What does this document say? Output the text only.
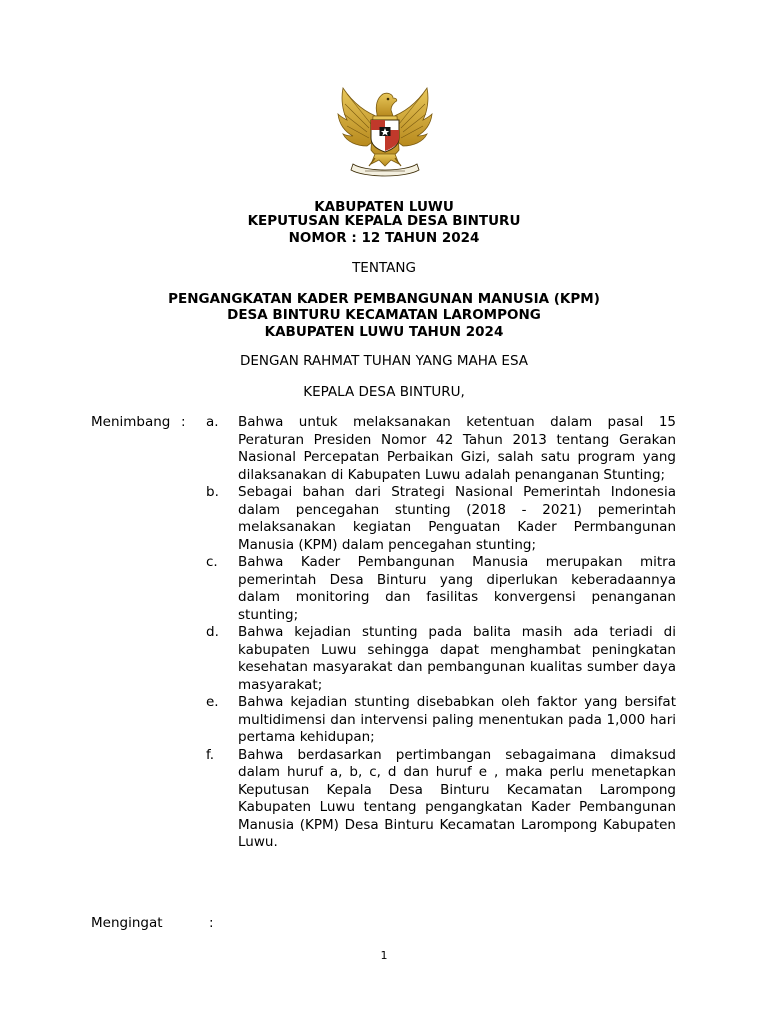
KABUPATEN LUWU
KEPUTUSAN KEPALA DESA BINTURU
NOMOR : 12 TAHUN 2024
TENTANG
PENGANGKATAN KADER PEMBANGUNAN MANUSIA (KPM)
DESA BINTURU KECAMATAN LAROMPONG
KABUPATEN LUWU TAHUN 2024
DENGAN RAHMAT TUHAN YANG MAHA ESA
KEPALA DESA BINTURU,
Menimbang : a.	Bahwa untuk melaksanakan ketentuan dalam pasal 15 Peraturan Presiden Nomor 42 Tahun 2013 tentang Gerakan Nasional Percepatan Perbaikan Gizi, salah satu program yang dilaksanakan di Kabupaten Luwu adalah penanganan Stunting;
b.	Sebagai bahan dari Strategi Nasional Pemerintah Indonesia dalam pencegahan stunting (2018 - 2021) pemerintah melaksanakan kegiatan Penguatan Kader Permbangunan Manusia (KPM) dalam pencegahan stunting;
c.	Bahwa Kader Pembangunan Manusia merupakan mitra pemerintah Desa Binturu yang diperlukan keberadaannya dalam monitoring dan fasilitas konvergensi penanganan stunting;
d.	Bahwa kejadian stunting pada balita masih ada teriadi di kabupaten Luwu sehingga dapat menghambat peningkatan kesehatan masyarakat dan pembangunan kualitas sumber daya masyarakat;
e.	Bahwa kejadian stunting disebabkan oleh faktor yang bersifat multidimensi dan intervensi paling menentukan pada 1,000 hari pertama kehidupan;
f.	Bahwa berdasarkan pertimbangan sebagaimana dimaksud dalam huruf a, b, c, d dan huruf e , maka perlu menetapkan Keputusan Kepala Desa Binturu Kecamatan Larompong Kabupaten Luwu tentang pengangkatan Kader Pembangunan Manusia (KPM) Desa Binturu Kecamatan Larompong Kabupaten Luwu.
Mengingat	:
1
